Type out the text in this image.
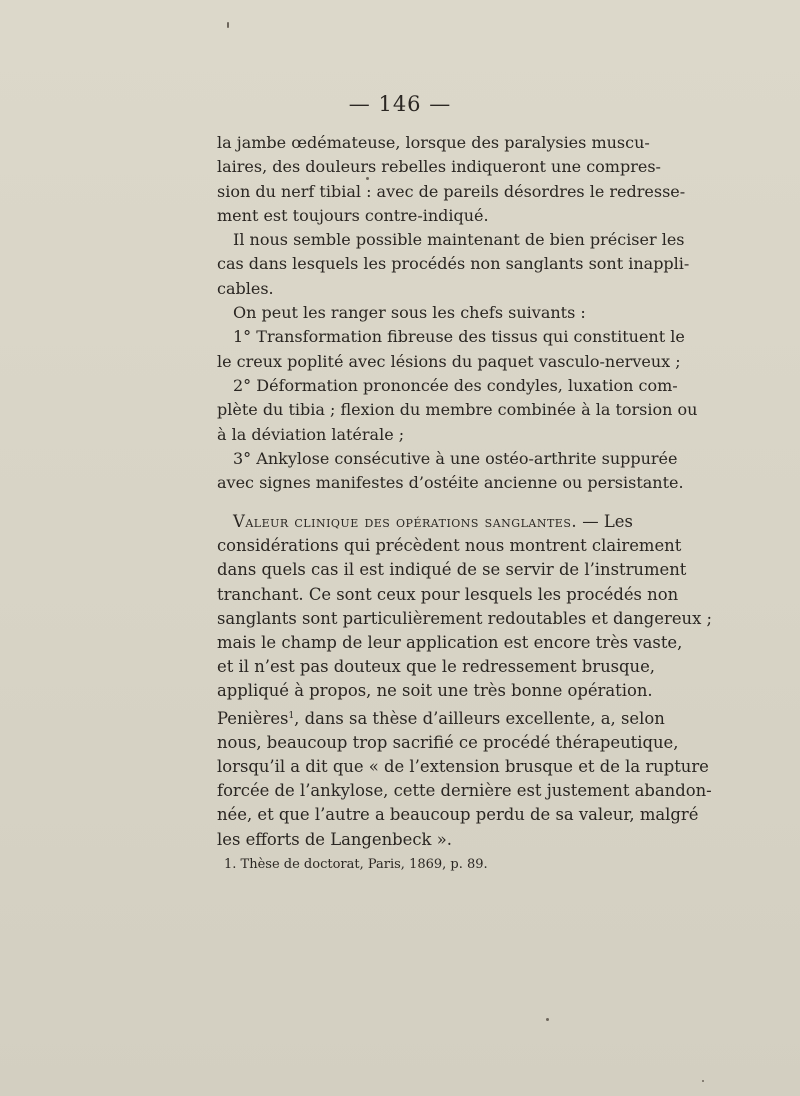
— 146 —
la jambe œdémateuse, lorsque des paralysies muscu-
laires, des douleurs rebelles indiqueront une compres-
sion du nerf tibial : avec de pareils désordres le redresse-
ment est toujours contre-indiqué.
Il nous semble possible maintenant de bien préciser les
cas dans lesquels les procédés non sanglants sont inappli-
cables.
On peut les ranger sous les chefs suivants :
1° Transformation fibreuse des tissus qui constituent le
le creux poplité avec lésions du paquet vasculo-nerveux ;
2° Déformation prononcée des condyles, luxation com-
plète du tibia ; flexion du membre combinée à la torsion ou
à la déviation latérale ;
3° Ankylose consécutive à une ostéo-arthrite suppurée
avec signes manifestes d’ostéite ancienne ou persistante.
Valeur clinique des opérations sanglantes. — Les
considérations qui précèdent nous montrent clairement
dans quels cas il est indiqué de se servir de l’instrument
tranchant. Ce sont ceux pour lesquels les procédés non
sanglants sont particulièrement redoutables et dangereux ;
mais le champ de leur application est encore très vaste,
et il n’est pas douteux que le redressement brusque,
appliqué à propos, ne soit une très bonne opération.
Penières$^1$, dans sa thèse d’ailleurs excellente, a, selon
nous, beaucoup trop sacrifié ce procédé thérapeutique,
lorsqu’il a dit que « de l’extension brusque et de la rupture
forcée de l’ankylose, cette dernière est justement abandon-
née, et que l’autre a beaucoup perdu de sa valeur, malgré
les efforts de Langenbeck ».
1. Thèse de doctorat, Paris, 1869, p. 89.
